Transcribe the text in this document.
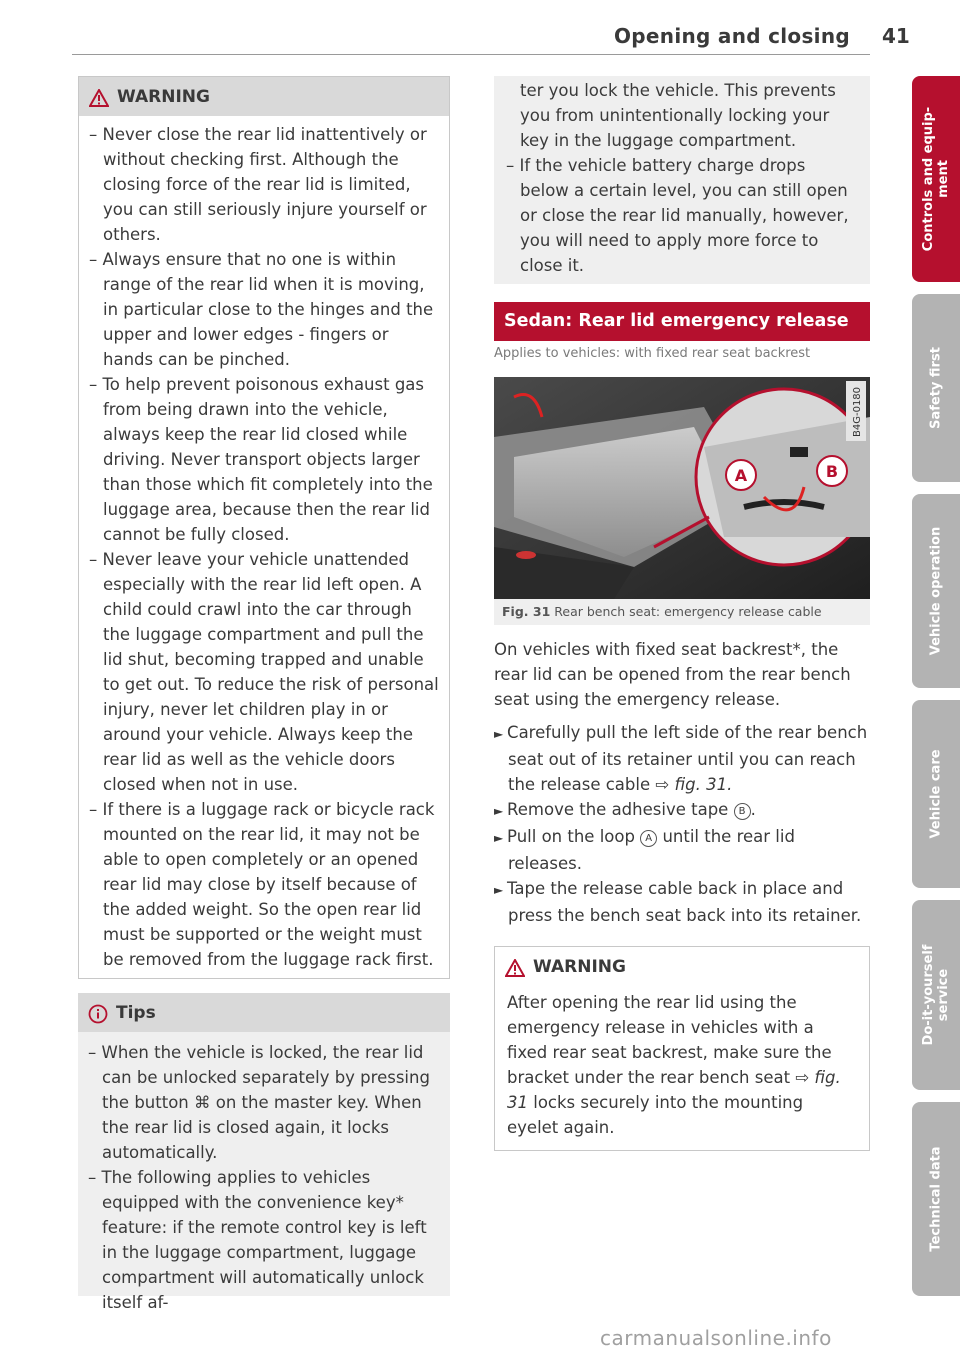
Opening and closing 41
WARNING
– Never close the rear lid inattentively or without checking first. Although the closing force of the rear lid is limited, you can still seriously injure yourself or others.
– Always ensure that no one is within range of the rear lid when it is moving, in particular close to the hinges and the upper and lower edges - fingers or hands can be pinched.
– To help prevent poisonous exhaust gas from being drawn into the vehicle, always keep the rear lid closed while driving. Never transport objects larger than those which fit completely into the luggage area, because then the rear lid cannot be fully closed.
– Never leave your vehicle unattended especially with the rear lid left open. A child could crawl into the car through the luggage compartment and pull the lid shut, becoming trapped and unable to get out. To reduce the risk of personal injury, never let children play in or around your vehicle. Always keep the rear lid as well as the vehicle doors closed when not in use.
– If there is a luggage rack or bicycle rack mounted on the rear lid, it may not be able to open completely or an opened rear lid may close by itself because of the added weight. So the open rear lid must be supported or the weight must be removed from the luggage rack first.
Tips
– When the vehicle is locked, the rear lid can be unlocked separately by pressing the button ⌘ on the master key. When the rear lid is closed again, it locks automatically.
– The following applies to vehicles equipped with the convenience key* feature: if the remote control key is left in the luggage compartment, luggage compartment will automatically unlock itself af-
ter you lock the vehicle. This prevents you from unintentionally locking your key in the luggage compartment.
– If the vehicle battery charge drops below a certain level, you can still open or close the rear lid manually, however, you will need to apply more force to close it.
Sedan: Rear lid emergency release
Applies to vehicles: with fixed rear seat backrest
A	B
B4G-0180
Fig. 31 Rear bench seat: emergency release cable
On vehicles with fixed seat backrest*, the rear lid can be opened from the rear bench seat using the emergency release.
► Carefully pull the left side of the rear bench seat out of its retainer until you can reach the release cable ⇨ fig. 31.
► Remove the adhesive tape B .
► Pull on the loop A until the rear lid releases.
► Tape the release cable back in place and press the bench seat back into its retainer.
WARNING
After opening the rear lid using the emergency release in vehicles with a fixed rear seat backrest, make sure the bracket under the rear bench seat ⇨ fig. 31 locks securely into the mounting eyelet again.
Controls and equip-
ment
Safety first
Vehicle operation
Vehicle care
Do-it-yourself
service
Technical data
carmanualsonline.info
